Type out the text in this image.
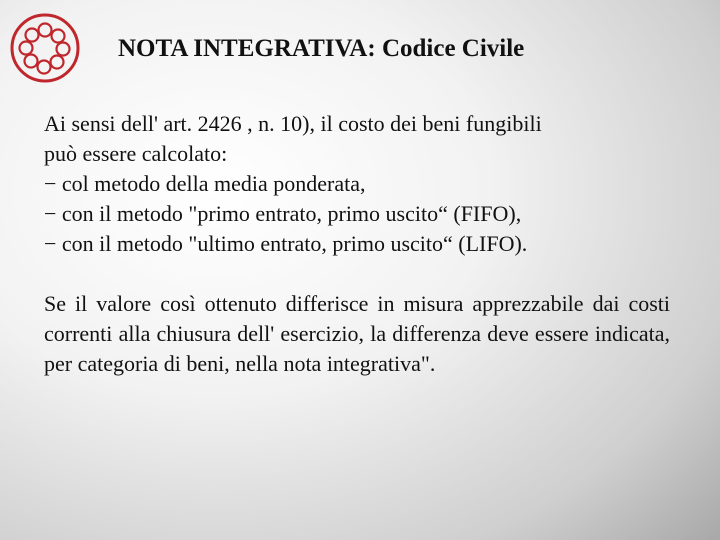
NOTA INTEGRATIVA: Codice Civile

Ai sensi dell' art. 2426 , n. 10), il costo dei beni fungibili

può essere calcolato:

− col metodo della media ponderata,

− con il metodo "primo entrato, primo uscito“ (FIFO),

− con il metodo "ultimo entrato, primo uscito“ (LIFO).

Se il valore così ottenuto differisce in misura apprezzabile dai costi correnti alla chiusura dell' esercizio, la differenza deve essere indicata, per categoria di beni, nella nota integrativa".
